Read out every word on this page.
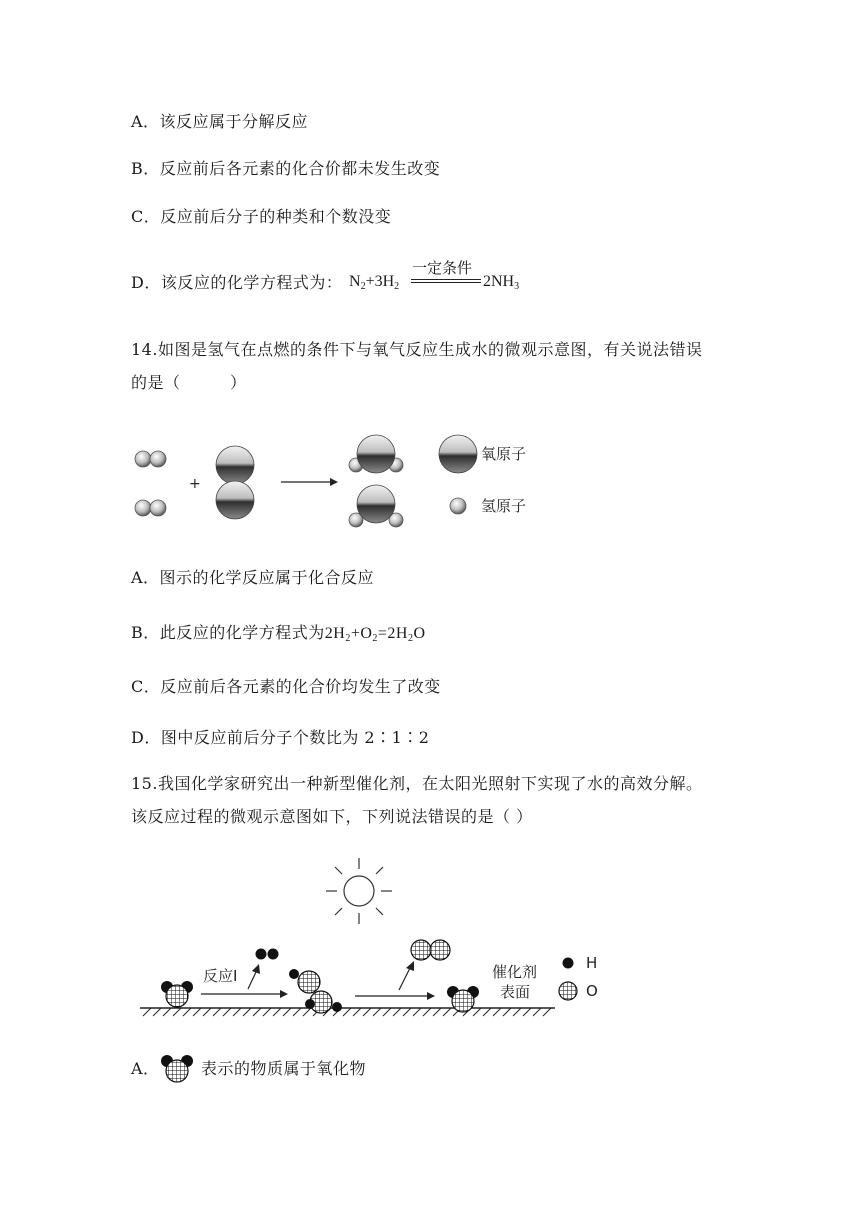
A．该反应属于分解反应
B．反应前后各元素的化合价都未发生改变
C．反应前后分子的种类和个数没变
D．该反应的化学方程式为： $N_2+3H_2$
一定条件
$2NH_3$
14.如图是氢气在点燃的条件下与氧气反应生成水的微观示意图，有关说法错误
的是（　　　）
+
氧原子
氢原子
A．图示的化学反应属于化合反应
B．此反应的化学方程式为$2H_2+O_2=2H_2O$
C．反应前后各元素的化合价均发生了改变
D．图中反应前后分子个数比为 2∶1∶2
15.我国化学家研究出一种新型催化剂，在太阳光照射下实现了水的高效分解。
该反应过程的微观示意图如下，下列说法错误的是（ ）
反应Ⅰ	催化剂
表面
H
O
A．	表示的物质属于氧化物
